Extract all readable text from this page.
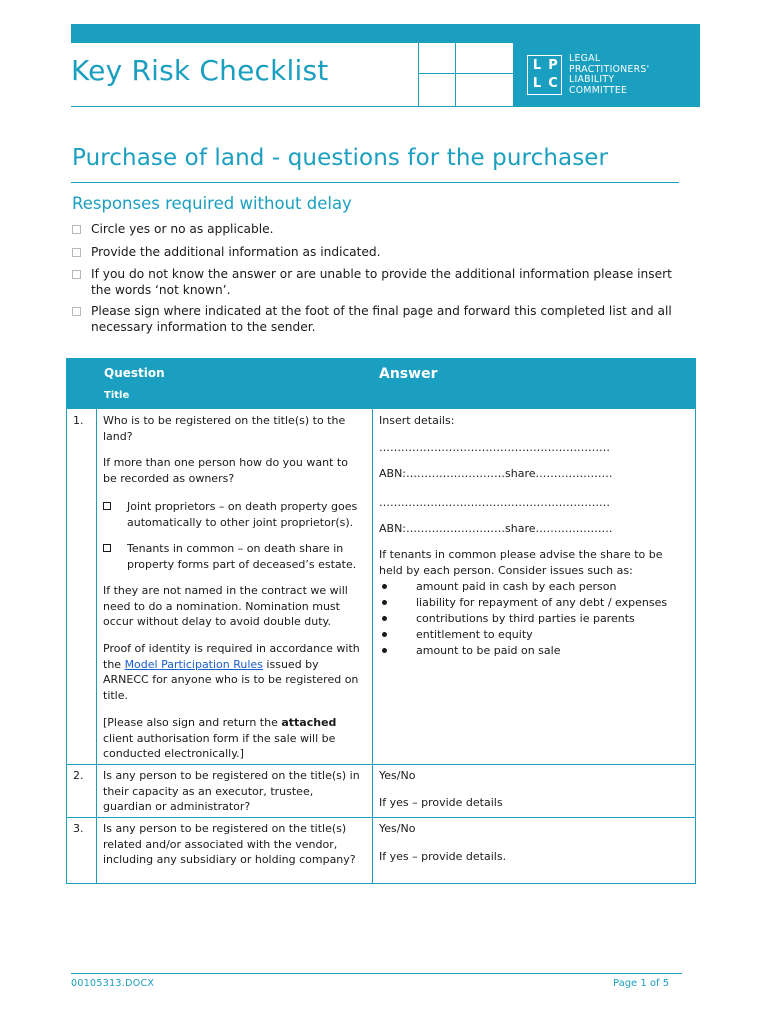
Key Risk Checklist	L P
L C
LEGAL
PRACTITIONERS'
LIABILITY
COMMITTEE
Purchase of land - questions for the purchaser
Responses required without delay
Circle yes or no as applicable.
Provide the additional information as indicated.
If you do not know the answer or are unable to provide the additional information please insert the words ‘not known’.
Please sign where indicated at the foot of the final page and forward this completed list and all necessary information to the sender.
Question
Title
Answer
1. Who is to be registered on the title(s) to the land?
If more than one person how do you want to be recorded as owners?
Joint proprietors – on death property goes automatically to other joint proprietor(s).
Tenants in common – on death share in property forms part of deceased’s estate.
If they are not named in the contract we will need to do a nomination. Nomination must occur without delay to avoid double duty.
Proof of identity is required in accordance with the Model Participation Rules issued by ARNECC for anyone who is to be registered on title.
[Please also sign and return the attached client authorisation form if the sale will be conducted electronically.]
Insert details:
………………………………………………………
ABN:………………………share…………………
………………………………………………………
ABN:………………………share…………………
If tenants in common please advise the share to be held by each person. Consider issues such as:
amount paid in cash by each person
liability for repayment of any debt / expenses
contributions by third parties ie parents
entitlement to equity
amount to be paid on sale
2. Is any person to be registered on the title(s) in their capacity as an executor, trustee, guardian or administrator?
Yes/No
If yes – provide details
3. Is any person to be registered on the title(s) related and/or associated with the vendor, including any subsidiary or holding company?
Yes/No
If yes – provide details.
00105313.DOCX	Page 1 of 5
